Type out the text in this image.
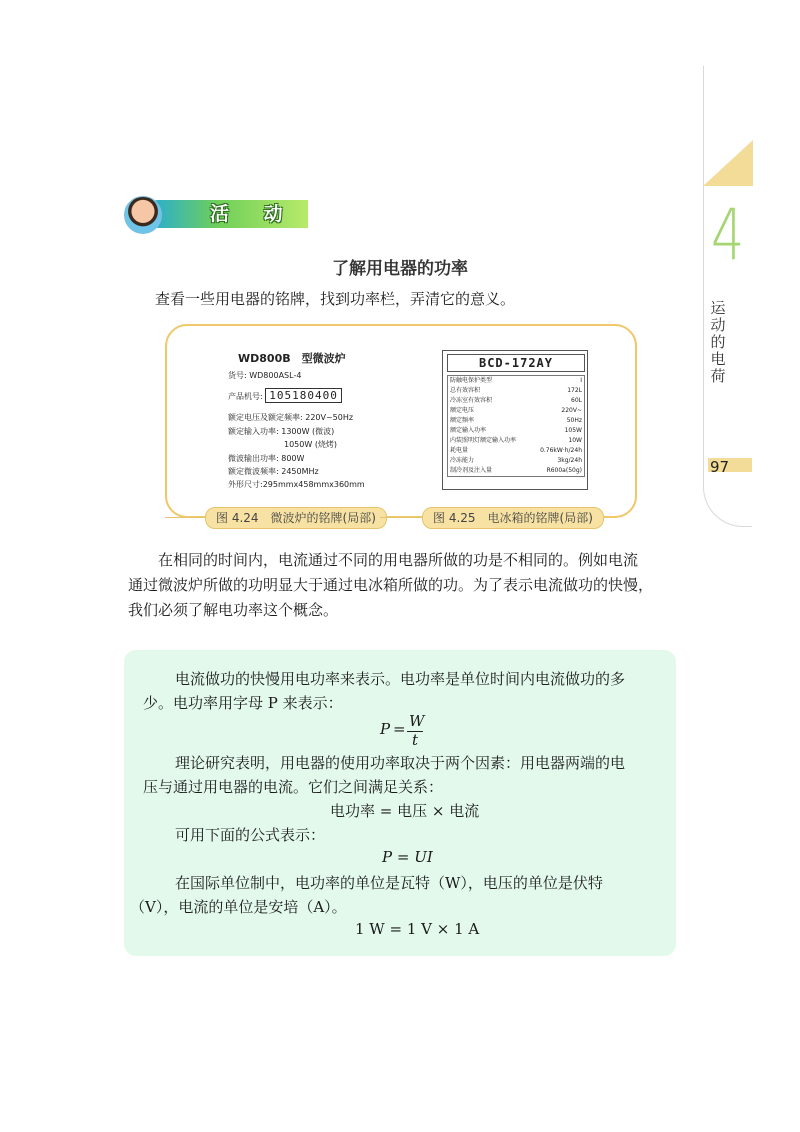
4
运动的电荷
97
活 动
了解用电器的功率
查看一些用电器的铭牌，找到功率栏，弄清它的意义。
WD800B　型微波炉
货号: WD800ASL-4
产品机号: 105180400
额定电压及额定频率: 220V~50Hz
额定输入功率: 1300W (微波)
1050W (烧烤)
微波输出功率: 800W
额定微波频率: 2450MHz
外形尺寸:295mmx458mmx360mm
BCD-172AY
防触电保护类型	Ⅰ
总有效容积	172L
冷冻室有效容积	60L
额定电压	220V~
额定频率	50Hz
额定输入功率	105W
内装照明灯额定输入功率	10W
耗电量	0.76kW·h/24h
冷冻能力	3kg/24h
制冷剂及注入量	R600a(50g)
图 4.24　微波炉的铭牌(局部)	图 4.25　电冰箱的铭牌(局部)
在相同的时间内，电流通过不同的用电器所做的功是不相同的。例如电流
通过微波炉所做的功明显大于通过电冰箱所做的功。为了表示电流做功的快慢，
我们必须了解电功率这个概念。
电流做功的快慢用电功率来表示。电功率是单位时间内电流做功的多
少。电功率用字母 P 来表示：
P = W
t
理论研究表明，用电器的使用功率取决于两个因素：用电器两端的电
压与通过用电器的电流。它们之间满足关系：
电功率 = 电压 × 电流
可用下面的公式表示：
P = UI
在国际单位制中，电功率的单位是瓦特（W），电压的单位是伏特
（V），电流的单位是安培（A）。
1 W = 1 V × 1 A
